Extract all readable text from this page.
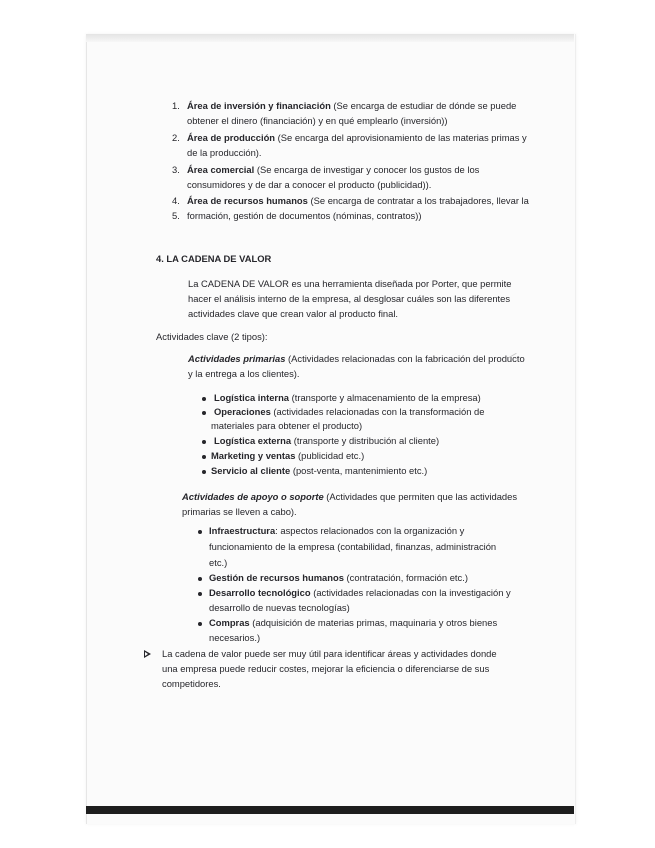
1. Área de inversión y financiación (Se encarga de estudiar de dónde se puede
obtener el dinero (financiación) y en qué emplearlo (inversión))
2. Área de producción (Se encarga del aprovisionamiento de las materias primas y
de la producción).
3. Área comercial (Se encarga de investigar y conocer los gustos de los
consumidores y de dar a conocer el producto (publicidad)).
4. Área de recursos humanos (Se encarga de contratar a los trabajadores, llevar la
5. formación, gestión de documentos (nóminas, contratos))
4. LA CADENA DE VALOR
La CADENA DE VALOR es una herramienta diseñada por Porter, que permite
hacer el análisis interno de la empresa, al desglosar cuáles son las diferentes
actividades clave que crean valor al producto final.
Actividades clave (2 tipos):
Actividades primarias (Actividades relacionadas con la fabricación del producto
y la entrega a los clientes).
Logística interna (transporte y almacenamiento de la empresa)
Operaciones (actividades relacionadas con la transformación de
materiales para obtener el producto)
Logística externa (transporte y distribución al cliente)
Marketing y ventas (publicidad etc.)
Servicio al cliente (post-venta, mantenimiento etc.)
Actividades de apoyo o soporte (Actividades que permiten que las actividades
primarias se lleven a cabo).
Infraestructura: aspectos relacionados con la organización y
funcionamiento de la empresa (contabilidad, finanzas, administración
etc.)
Gestión de recursos humanos (contratación, formación etc.)
Desarrollo tecnológico (actividades relacionadas con la investigación y
desarrollo de nuevas tecnologías)
Compras (adquisición de materias primas, maquinaria y otros bienes
necesarios.)
La cadena de valor puede ser muy útil para identificar áreas y actividades donde
una empresa puede reducir costes, mejorar la eficiencia o diferenciarse de sus
competidores.
